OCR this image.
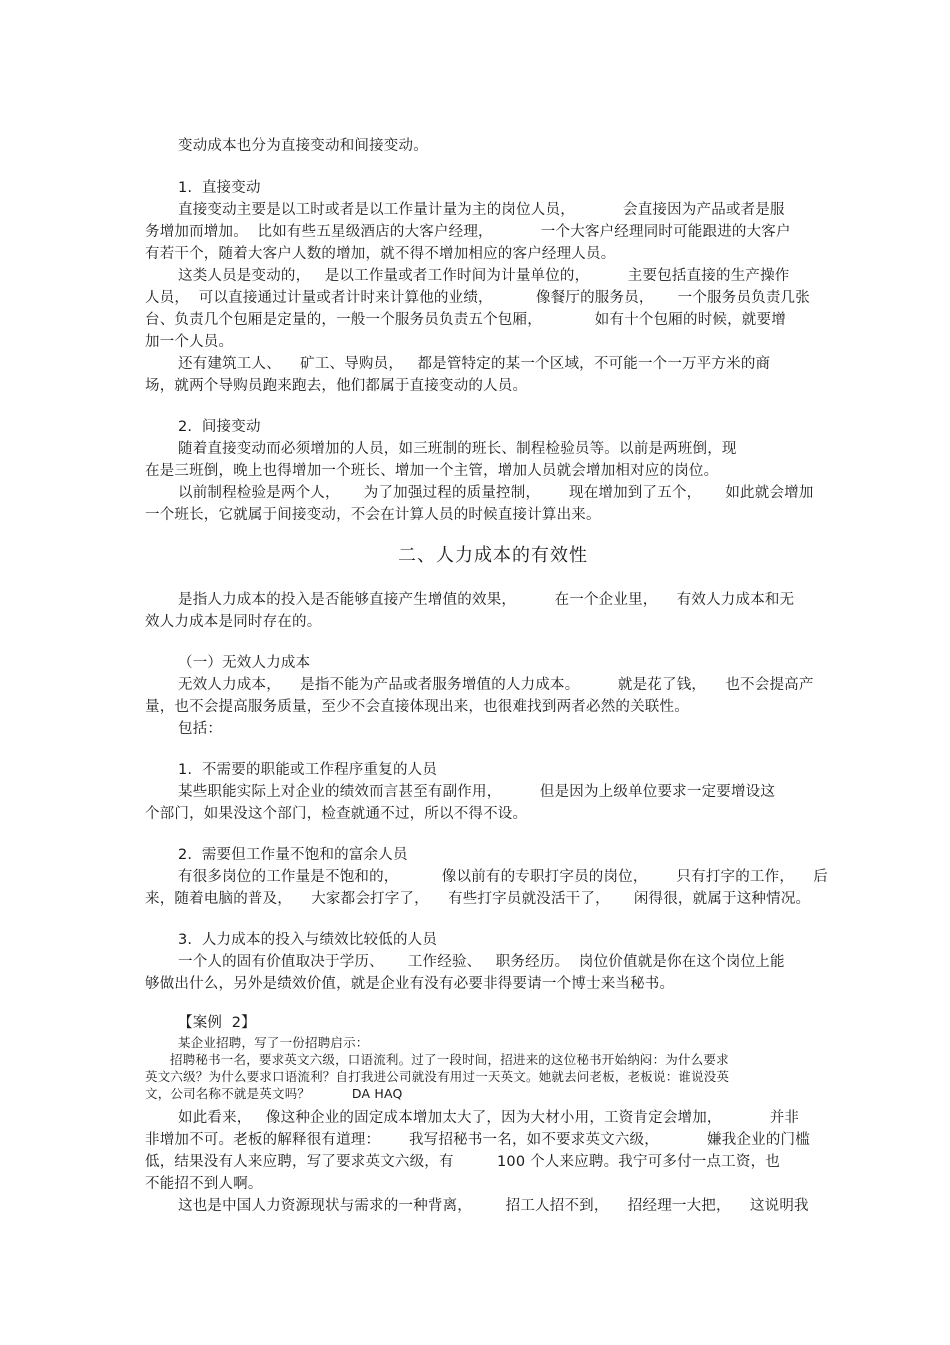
变动成本也分为直接变动和间接变动。
1.  直接变动
直接变动主要是以工时或者是以工作量计量为主的岗位人员，          会直接因为产品或者是服
务增加而增加。  比如有些五星级酒店的大客户经理，          一个大客户经理同时可能跟进的大客户
有若干个，随着大客户人数的增加，就不得不增加相应的客户经理人员。
这类人员是变动的，   是以工作量或者工作时间为计量单位的，        主要包括直接的生产操作
人员，  可以直接通过计量或者计时来计算他的业绩，         像餐厅的服务员，     一个服务员负责几张
台、负责几个包厢是定量的，一般一个服务员负责五个包厢，           如有十个包厢的时候，就要增
加一个人员。
还有建筑工人、    矿工、导购员，   都是管特定的某一个区域，不可能一个一万平方米的商
场，就两个导购员跑来跑去，他们都属于直接变动的人员。
2.  间接变动
随着直接变动而必须增加的人员，如三班制的班长、制程检验员等。以前是两班倒，现
在是三班倒，晚上也得增加一个班长、增加一个主管，增加人员就会增加相对应的岗位。
以前制程检验是两个人，     为了加强过程的质量控制，      现在增加到了五个，     如此就会增加
一个班长，它就属于间接变动，不会在计算人员的时候直接计算出来。
二、人力成本的有效性
是指人力成本的投入是否能够直接产生增值的效果，        在一个企业里，    有效人力成本和无
效人力成本是同时存在的。
（一）无效人力成本
无效人力成本，    是指不能为产品或者服务增值的人力成本。        就是花了钱，    也不会提高产
量，也不会提高服务质量，至少不会直接体现出来，也很难找到两者必然的关联性。
包括：
1.  不需要的职能或工作程序重复的人员
某些职能实际上对企业的绩效而言甚至有副作用，        但是因为上级单位要求一定要增设这
个部门，如果没这个部门，检查就通不过，所以不得不设。
2.  需要但工作量不饱和的富余人员
有很多岗位的工作量是不饱和的，         像以前有的专职打字员的岗位，      只有打字的工作，    后
来，随着电脑的普及，    大家都会打字了，    有些打字员就没活干了，     闲得很，就属于这种情况。
3.  人力成本的投入与绩效比较低的人员
一个人的固有价值取决于学历、     工作经验、   职务经历。  岗位价值就是你在这个岗位上能
够做出什么，另外是绩效价值，就是企业有没有必要非得要请一个博士来当秘书。
【案例  2】
某企业招聘，写了一份招聘启示：
招聘秘书一名，要求英文六级，口语流利。过了一段时间，招进来的这位秘书开始纳闷：为什么要求
英文六级？为什么要求口语流利？自打我进公司就没有用过一天英文。她就去问老板，老板说：谁说没英
文，公司名称不就是英文吗？          DA HAQ
如此看来，   像这种企业的固定成本增加太大了，因为大材小用，工资肯定会增加，          并非
非增加不可。老板的解释很有道理：      我写招秘书一名，如不要求英文六级，          嫌我企业的门槛
低，结果没有人来应聘，写了要求英文六级，有         100 个人来应聘。我宁可多付一点工资，也
不能招不到人啊。
这也是中国人力资源现状与需求的一种背离，       招工人招不到，    招经理一大把，    这说明我
